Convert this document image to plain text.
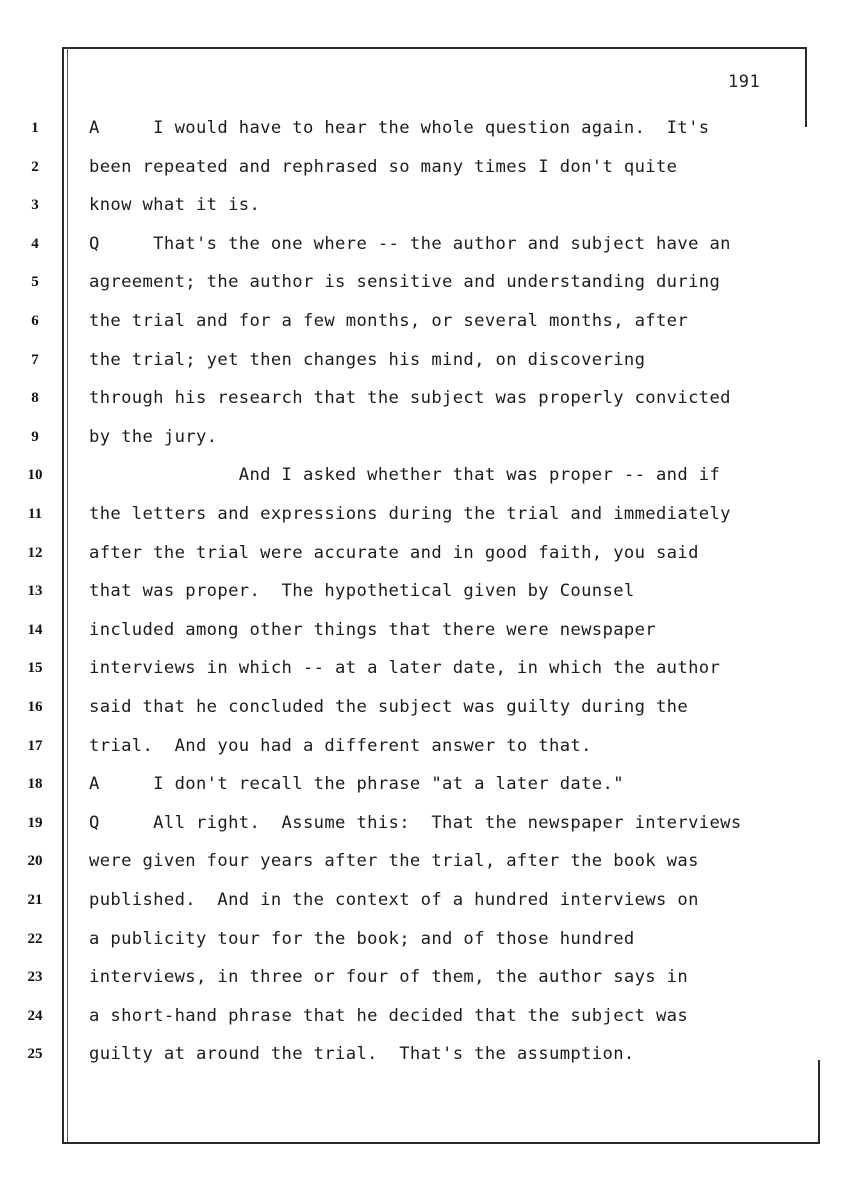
191
1	A     I would have to hear the whole question again.  It's
2	been repeated and rephrased so many times I don't quite
3	know what it is.
4	Q     That's the one where -- the author and subject have an
5	agreement; the author is sensitive and understanding during
6	the trial and for a few months, or several months, after
7	the trial; yet then changes his mind, on discovering
8	through his research that the subject was properly convicted
9	by the jury.
10	And I asked whether that was proper -- and if
11	the letters and expressions during the trial and immediately
12	after the trial were accurate and in good faith, you said
13	that was proper.  The hypothetical given by Counsel
14	included among other things that there were newspaper
15	interviews in which -- at a later date, in which the author
16	said that he concluded the subject was guilty during the
17	trial.  And you had a different answer to that.
18	A     I don't recall the phrase "at a later date."
19	Q     All right.  Assume this:  That the newspaper interviews
20	were given four years after the trial, after the book was
21	published.  And in the context of a hundred interviews on
22	a publicity tour for the book; and of those hundred
23	interviews, in three or four of them, the author says in
24	a short-hand phrase that he decided that the subject was
25	guilty at around the trial.  That's the assumption.
